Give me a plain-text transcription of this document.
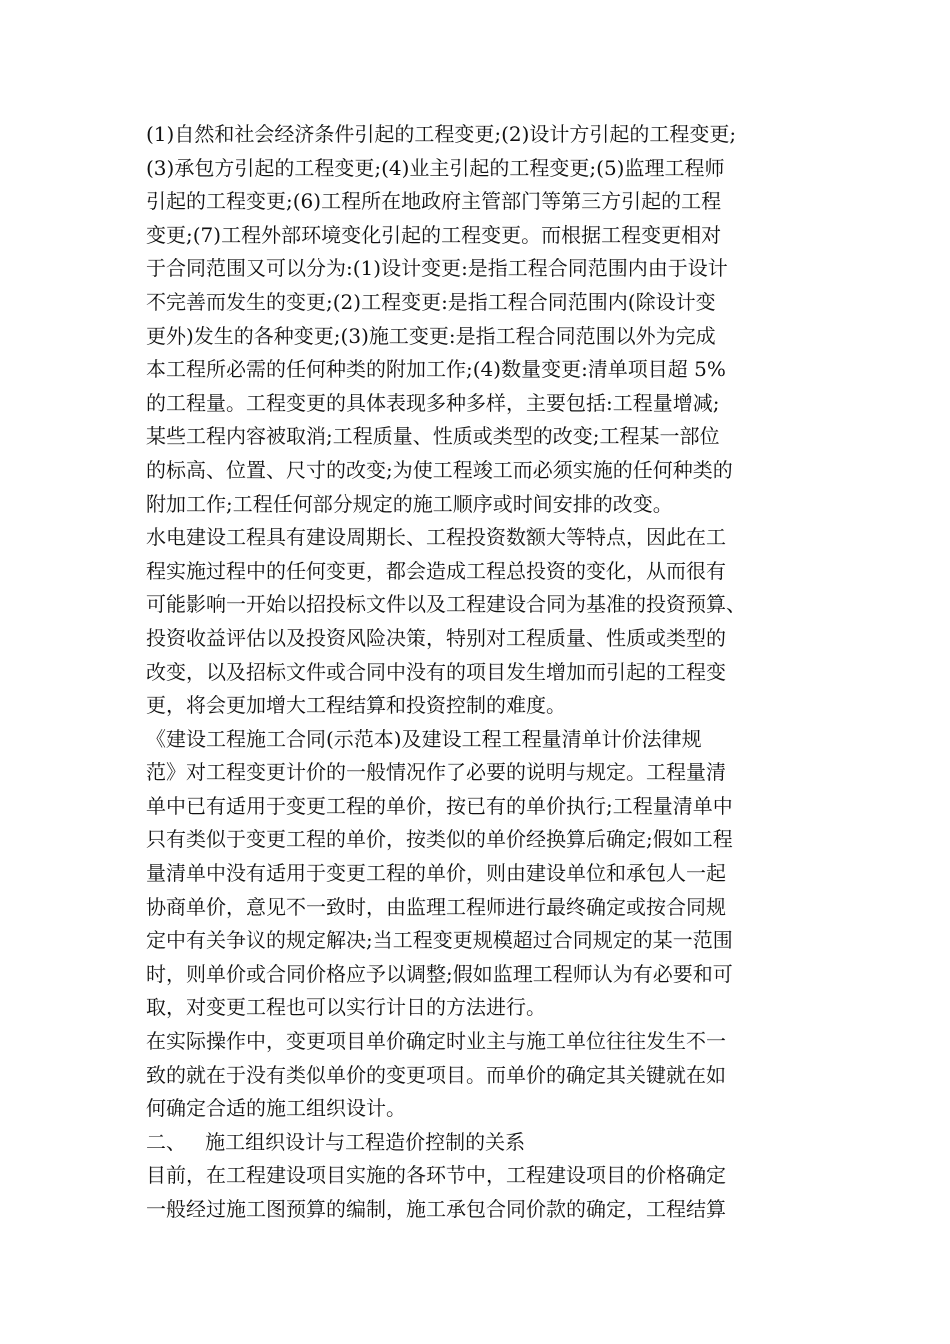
(1)自然和社会经济条件引起的工程变更;(2)设计方引起的工程变更;
(3)承包方引起的工程变更;(4)业主引起的工程变更;(5)监理工程师
引起的工程变更;(6)工程所在地政府主管部门等第三方引起的工程
变更;(7)工程外部环境变化引起的工程变更。而根据工程变更相对
于合同范围又可以分为:(1)设计变更:是指工程合同范围内由于设计
不完善而发生的变更;(2)工程变更:是指工程合同范围内(除设计变
更外)发生的各种变更;(3)施工变更:是指工程合同范围以外为完成
本工程所必需的任何种类的附加工作;(4)数量变更:清单项目超 5%
的工程量。工程变更的具体表现多种多样，主要包括:工程量增减;
某些工程内容被取消;工程质量、性质或类型的改变;工程某一部位
的标高、位置、尺寸的改变;为使工程竣工而必须实施的任何种类的
附加工作;工程任何部分规定的施工顺序或时间安排的改变。
水电建设工程具有建设周期长、工程投资数额大等特点，因此在工
程实施过程中的任何变更，都会造成工程总投资的变化，从而很有
可能影响一开始以招投标文件以及工程建设合同为基准的投资预算、
投资收益评估以及投资风险决策，特别对工程质量、性质或类型的
改变，以及招标文件或合同中没有的项目发生增加而引起的工程变
更，将会更加增大工程结算和投资控制的难度。
《建设工程施工合同(示范本)及建设工程工程量清单计价法律规
范》对工程变更计价的一般情况作了必要的说明与规定。工程量清
单中已有适用于变更工程的单价，按已有的单价执行;工程量清单中
只有类似于变更工程的单价，按类似的单价经换算后确定;假如工程
量清单中没有适用于变更工程的单价，则由建设单位和承包人一起
协商单价，意见不一致时，由监理工程师进行最终确定或按合同规
定中有关争议的规定解决;当工程变更规模超过合同规定的某一范围
时，则单价或合同价格应予以调整;假如监理工程师认为有必要和可
取，对变更工程也可以实行计日的方法进行。
在实际操作中，变更项目单价确定时业主与施工单位往往发生不一
致的就在于没有类似单价的变更项目。而单价的确定其关键就在如
何确定合适的施工组织设计。
二、   施工组织设计与工程造价控制的关系
目前，在工程建设项目实施的各环节中，工程建设项目的价格确定
一般经过施工图预算的编制，施工承包合同价款的确定，工程结算
